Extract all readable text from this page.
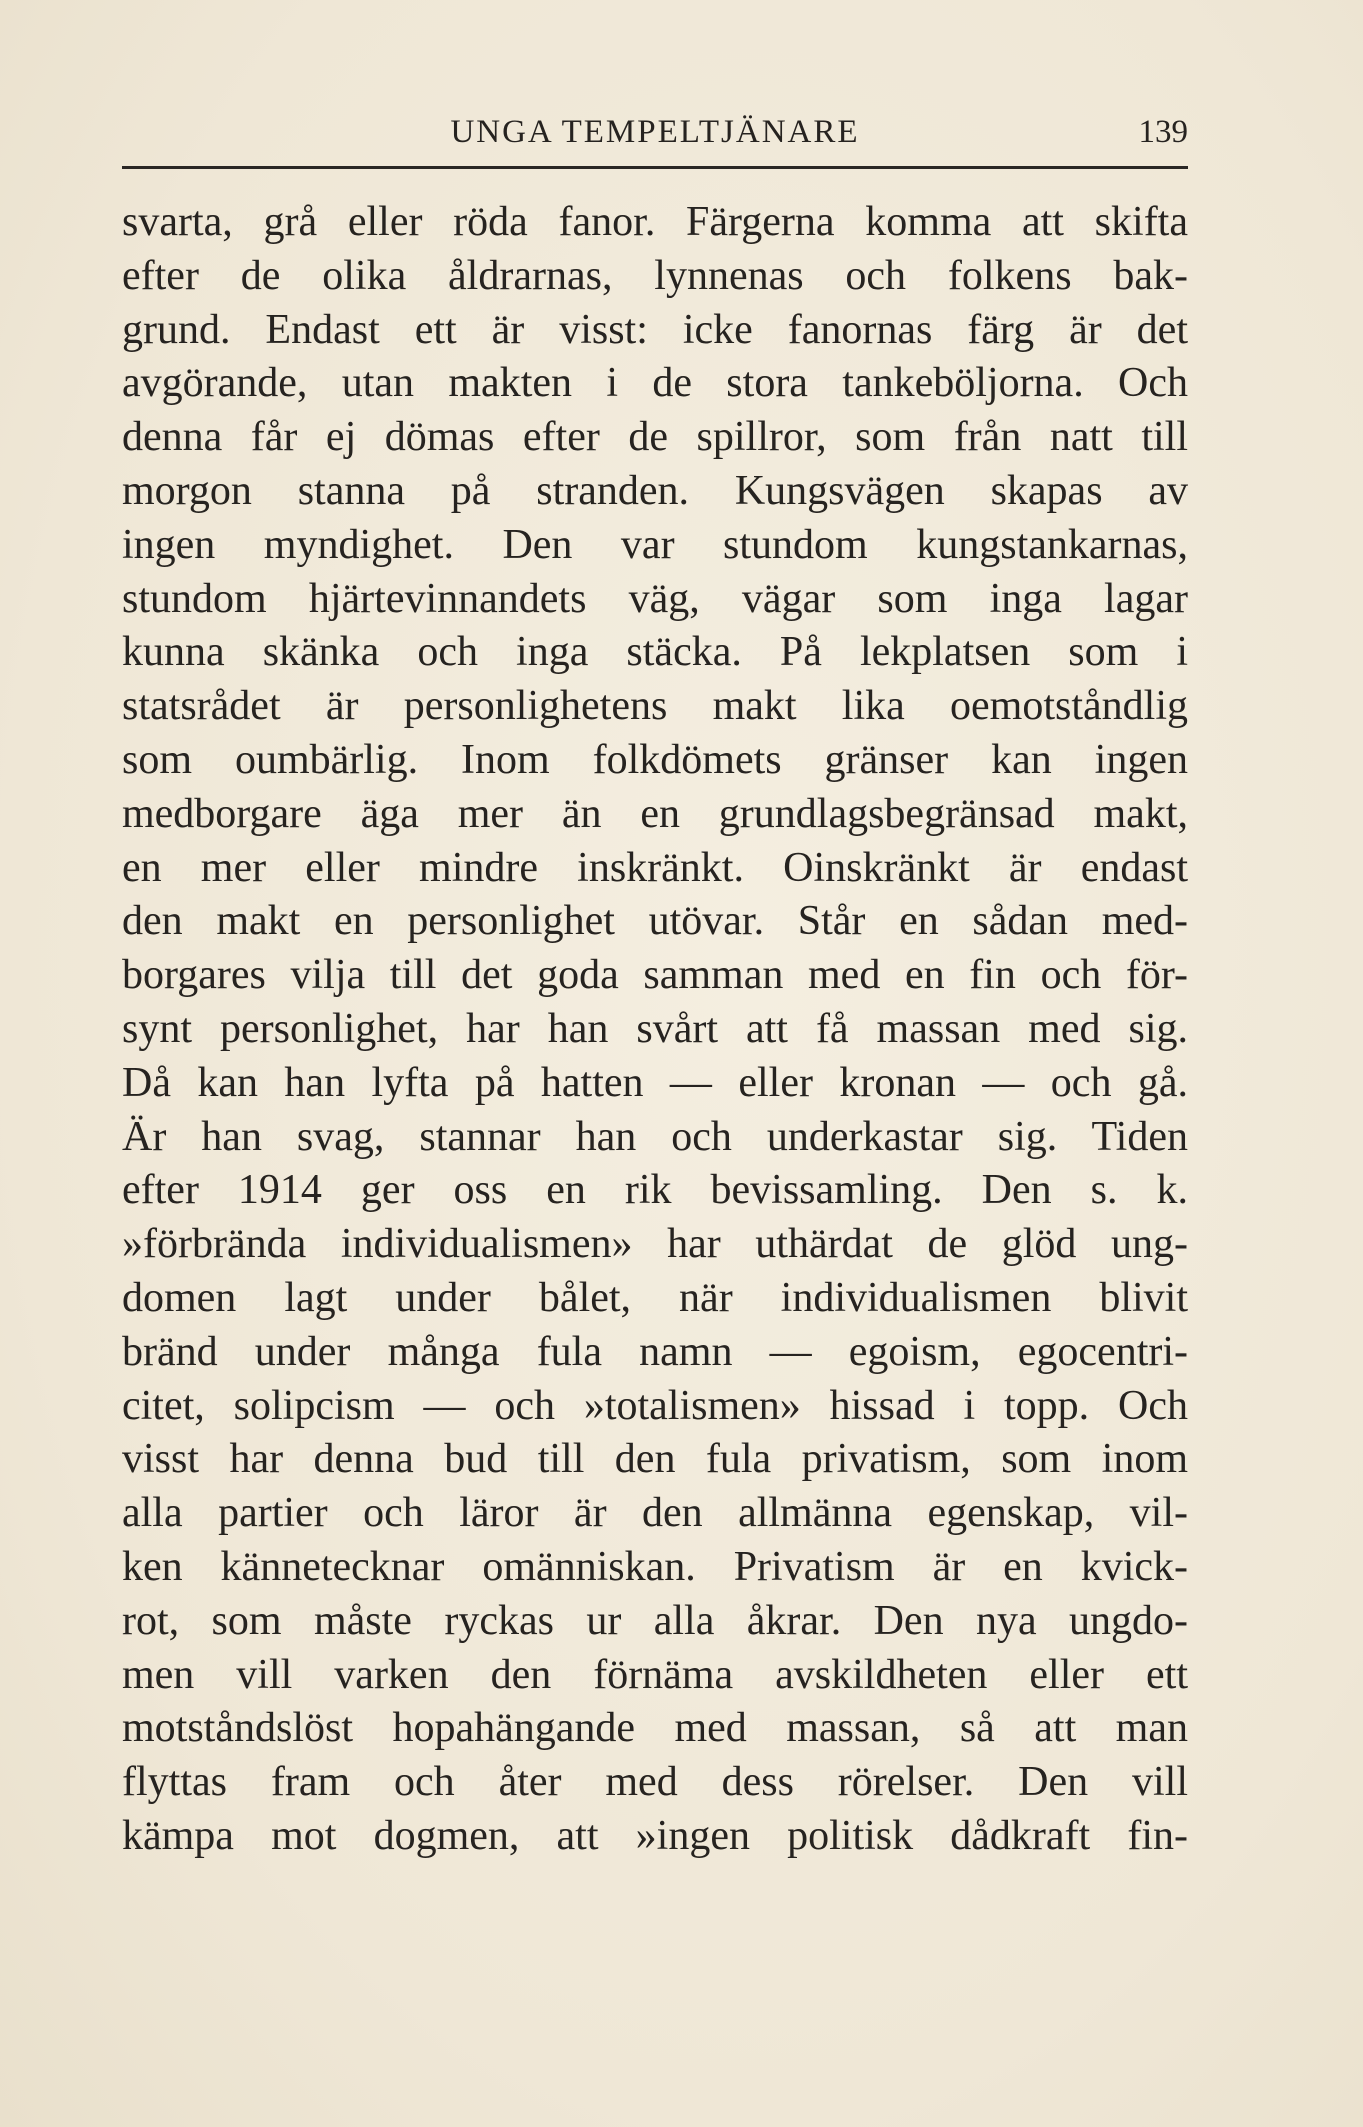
UNGA TEMPELTJÄNARE	139
svarta, grå eller röda fanor. Färgerna komma att skifta
efter de olika åldrarnas, lynnenas och folkens bak-
grund. Endast ett är visst: icke fanornas färg är det
avgörande, utan makten i de stora tankeböljorna. Och
denna får ej dömas efter de spillror, som från natt till
morgon stanna på stranden. Kungsvägen skapas av
ingen myndighet. Den var stundom kungstankarnas,
stundom hjärtevinnandets väg, vägar som inga lagar
kunna skänka och inga stäcka. På lekplatsen som i
statsrådet är personlighetens makt lika oemotståndlig
som oumbärlig. Inom folkdömets gränser kan ingen
medborgare äga mer än en grundlagsbegränsad makt,
en mer eller mindre inskränkt. Oinskränkt är endast
den makt en personlighet utövar. Står en sådan med-
borgares vilja till det goda samman med en fin och för-
synt personlighet, har han svårt att få massan med sig.
Då kan han lyfta på hatten — eller kronan — och gå.
Är han svag, stannar han och underkastar sig. Tiden
efter 1914 ger oss en rik bevissamling. Den s. k.
»förbrända individualismen» har uthärdat de glöd ung-
domen lagt under bålet, när individualismen blivit
bränd under många fula namn — egoism, egocentri-
citet, solipcism — och »totalismen» hissad i topp. Och
visst har denna bud till den fula privatism, som inom
alla partier och läror är den allmänna egenskap, vil-
ken kännetecknar omänniskan. Privatism är en kvick-
rot, som måste ryckas ur alla åkrar. Den nya ungdo-
men vill varken den förnäma avskildheten eller ett
motståndslöst hopahängande med massan, så att man
flyttas fram och åter med dess rörelser. Den vill
kämpa mot dogmen, att »ingen politisk dådkraft fin-
